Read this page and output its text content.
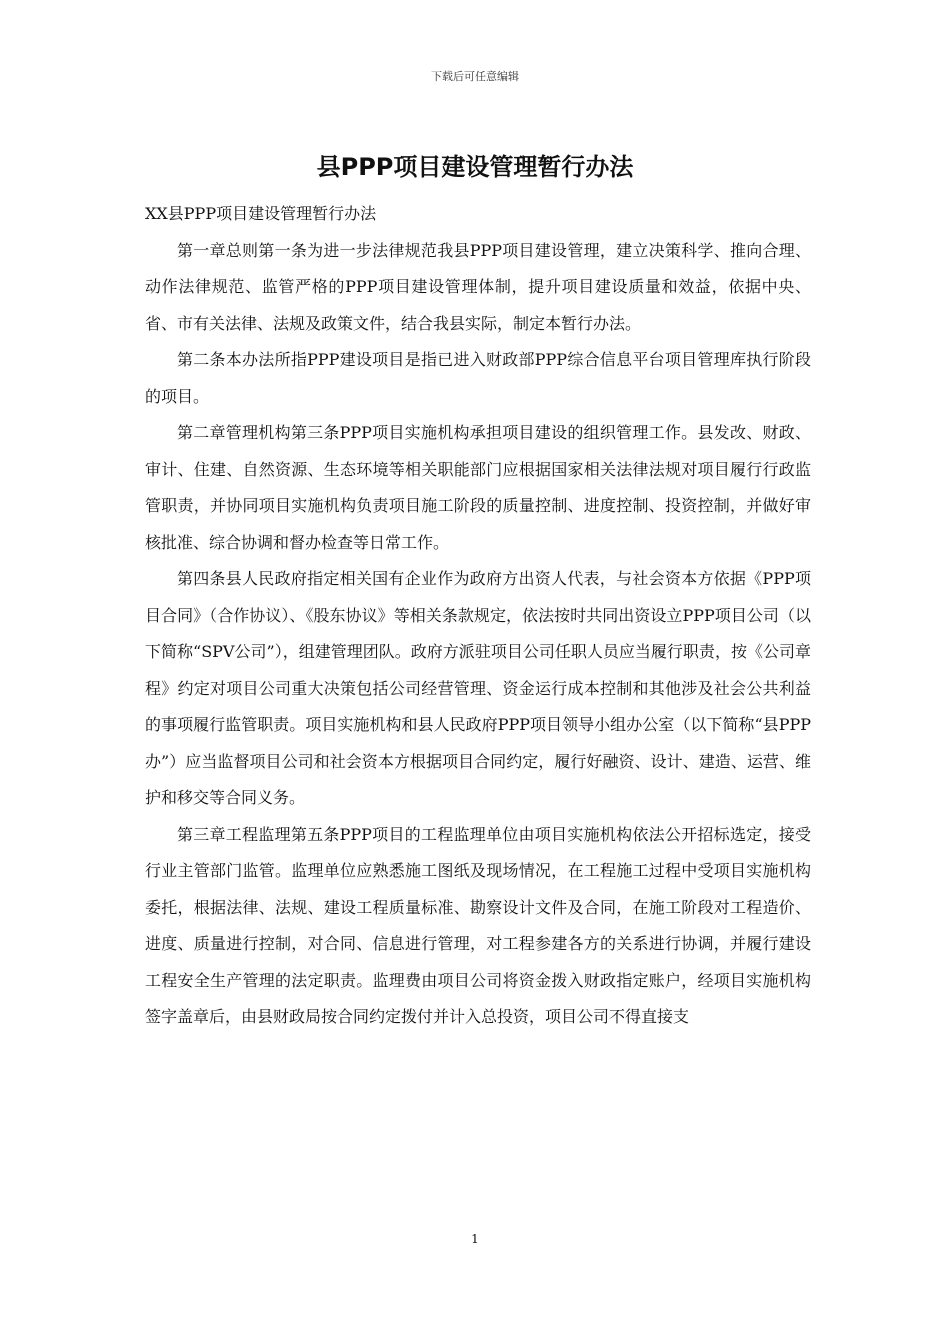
下载后可任意编辑
县PPP项目建设管理暂行办法

XX县PPP项目建设管理暂行办法

第一章总则第一条为进一步法律规范我县PPP项目建设管理，建立决策科学、推向合理、动作法律规范、监管严格的PPP项目建设管理体制，提升项目建设质量和效益，依据中央、省、市有关法律、法规及政策文件，结合我县实际，制定本暂行办法。

第二条本办法所指PPP建设项目是指已进入财政部PPP综合信息平台项目管理库执行阶段的项目。

第二章管理机构第三条PPP项目实施机构承担项目建设的组织管理工作。县发改、财政、审计、住建、自然资源、生态环境等相关职能部门应根据国家相关法律法规对项目履行行政监管职责，并协同项目实施机构负责项目施工阶段的质量控制、进度控制、投资控制，并做好审核批准、综合协调和督办检查等日常工作。

第四条县人民政府指定相关国有企业作为政府方出资人代表，与社会资本方依据《PPP项目合同》（合作协议）、《股东协议》等相关条款规定，依法按时共同出资设立PPP项目公司（以下简称“SPV公司”），组建管理团队。政府方派驻项目公司任职人员应当履行职责，按《公司章程》约定对项目公司重大决策包括公司经营管理、资金运行成本控制和其他涉及社会公共利益的事项履行监管职责。项目实施机构和县人民政府PPP项目领导小组办公室（以下简称“县PPP办”）应当监督项目公司和社会资本方根据项目合同约定，履行好融资、设计、建造、运营、维护和移交等合同义务。

第三章工程监理第五条PPP项目的工程监理单位由项目实施机构依法公开招标选定，接受行业主管部门监管。监理单位应熟悉施工图纸及现场情况，在工程施工过程中受项目实施机构委托，根据法律、法规、建设工程质量标准、勘察设计文件及合同，在施工阶段对工程造价、进度、质量进行控制，对合同、信息进行管理，对工程参建各方的关系进行协调，并履行建设工程安全生产管理的法定职责。监理费由项目公司将资金拨入财政指定账户，经项目实施机构签字盖章后，由县财政局按合同约定拨付并计入总投资，项目公司不得直接支

1
